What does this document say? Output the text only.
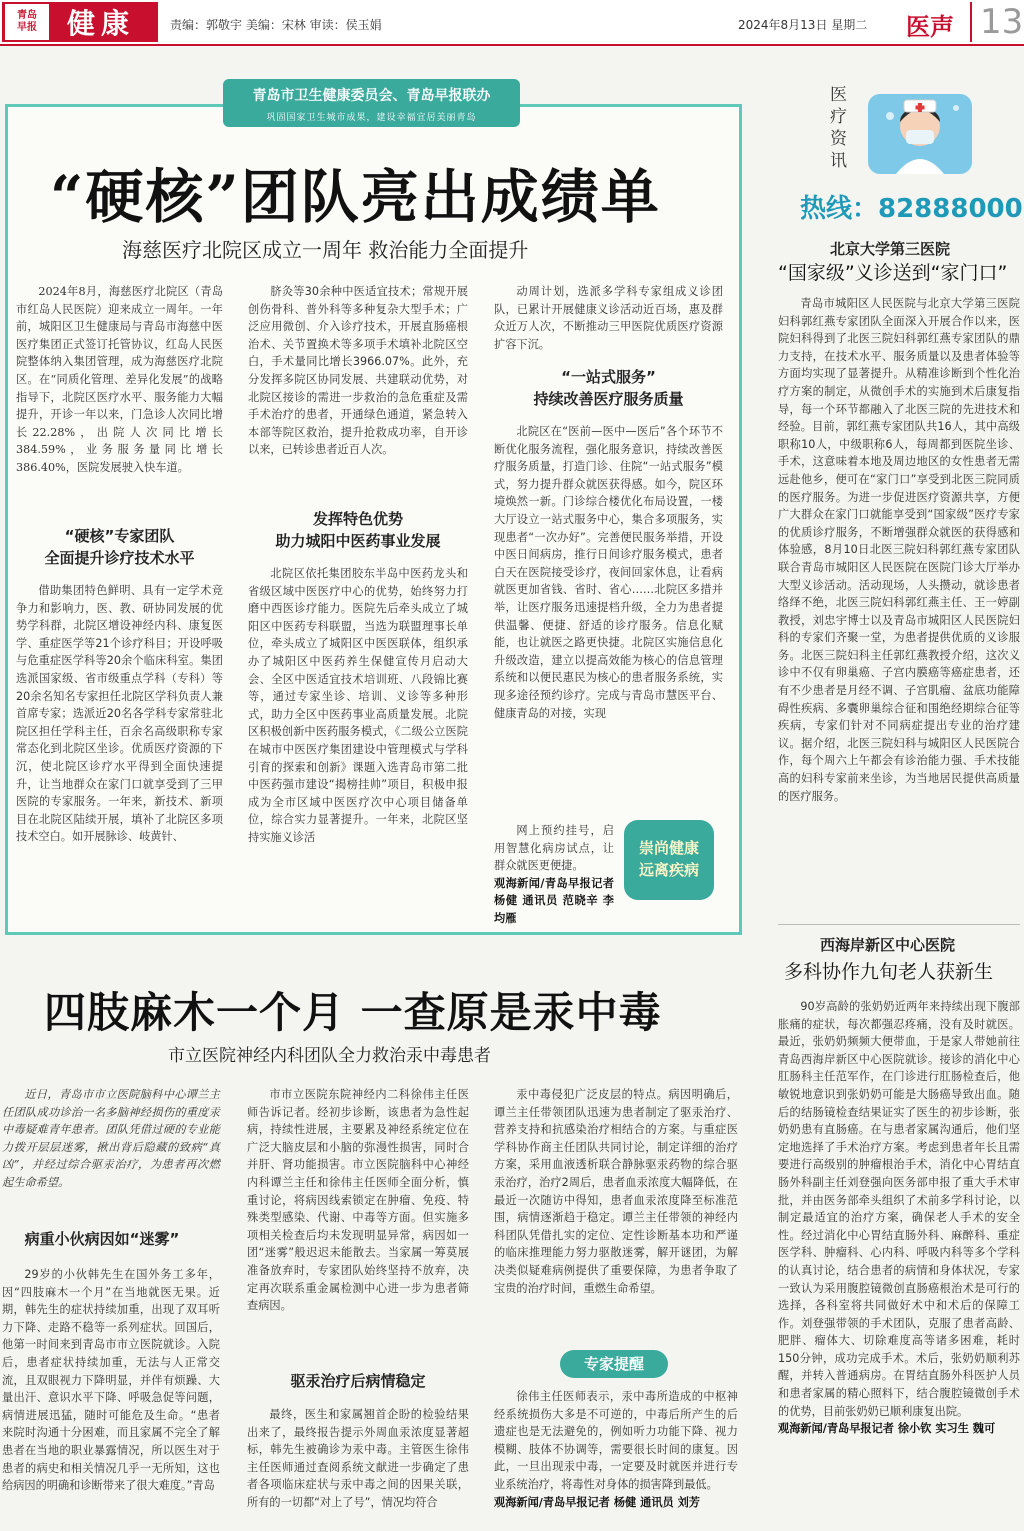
青岛
早报 健康	责编：郭敬宇 美编：宋林 审读：侯玉娟	2024年8月13日 星期二 医声 13
青岛市卫生健康委员会、青岛早报联办
巩固国家卫生城市成果，建设幸福宜居美丽青岛
“硬核”团队亮出成绩单
海慈医疗北院区成立一周年 救治能力全面提升

2024年8月，海慈医疗北院区（青岛市红岛人民医院）迎来成立一周年。一年前，城阳区卫生健康局与青岛市海慈中医医疗集团正式签订托管协议，红岛人民医院整体纳入集团管理，成为海慈医疗北院区。在“同质化管理、差异化发展”的战略指导下，北院区医疗水平、服务能力大幅提升，开诊一年以来，门急诊人次同比增长22.28%，出院人次同比增长384.59%，业务服务量同比增长386.40%，医院发展驶入快车道。

“硬核”专家团队
全面提升诊疗技术水平

借助集团特色鲜明、具有一定学术竞争力和影响力，医、教、研协同发展的优势学科群，北院区增设神经内科、康复医学、重症医学等21个诊疗科目；开设呼吸与危重症医学科等20余个临床科室。集团选派国家级、省市级重点学科（专科）等20余名知名专家担任北院区学科负责人兼首席专家；选派近20名各学科专家常驻北院区担任学科主任，百余名高级职称专家常态化到北院区坐诊。优质医疗资源的下沉，使北院区诊疗水平得到全面快速提升，让当地群众在家门口就享受到了三甲医院的专家服务。一年来，新技术、新项目在北院区陆续开展，填补了北院区多项技术空白。如开展脉诊、岐黄针、

脐灸等30余种中医适宜技术；常规开展创伤骨科、普外科等多种复杂大型手术；广泛应用微创、介入诊疗技术，开展直肠癌根治术、关节置换术等多项手术填补北院区空白，手术量同比增长3966.07%。此外，充分发挥多院区协同发展、共建联动优势，对北院区接诊的需进一步救治的急危重症及需手术治疗的患者，开通绿色通道，紧急转入本部等院区救治，提升抢救成功率，自开诊以来，已转诊患者近百人次。

发挥特色优势
助力城阳中医药事业发展

北院区依托集团胶东半岛中医药龙头和省级区域中医医疗中心的优势，始终努力打磨中西医诊疗能力。医院先后牵头成立了城阳区中医药专科联盟，当选为联盟理事长单位，牵头成立了城阳区中医医联体，组织承办了城阳区中医药养生保健宣传月启动大会、全区中医适宜技术培训班、八段锦比赛等，通过专家坐诊、培训、义诊等多种形式，助力全区中医药事业高质量发展。北院区积极创新中医药服务模式，《二级公立医院在城市中医医疗集团建设中管理模式与学科引育的探索和创新》课题入选青岛市第二批中医药强市建设“揭榜挂帅”项目，积极申报成为全市区域中医医疗次中心项目储备单位，综合实力显著提升。一年来，北院区坚持实施义诊活

动周计划，选派多学科专家组成义诊团队，已累计开展健康义诊活动近百场，惠及群众近万人次，不断推动三甲医院优质医疗资源扩容下沉。

“一站式服务”
持续改善医疗服务质量

北院区在“医前—医中—医后”各个环节不断优化服务流程，强化服务意识，持续改善医疗服务质量，打造门诊、住院“一站式服务”模式，努力提升群众就医获得感。如今，院区环境焕然一新。门诊综合楼优化布局设置，一楼大厅设立一站式服务中心，集合多项服务，实现患者“一次办好”。完善便民服务举措，开设中医日间病房，推行日间诊疗服务模式，患者白天在医院接受诊疗，夜间回家休息，让看病就医更加省钱、省时、省心……北院区多措并举，让医疗服务迅速提档升级，全力为患者提供温馨、便捷、舒适的诊疗服务。信息化赋能，也让就医之路更快捷。北院区实施信息化升级改造，建立以提高效能为核心的信息管理系统和以便民惠民为核心的患者服务系统，实现多途径预约诊疗。完成与青岛市慧医平台、健康青岛的对接，实现

网上预约挂号，启用智慧化病房试点，让群众就医更便捷。

观海新闻/青岛早报记者 杨健 通讯员 范晓辛 李均雁
崇尚健康
远离疾病
医疗资讯
热线：82888000
北京大学第三医院
“国家级”义诊送到“家门口”

青岛市城阳区人民医院与北京大学第三医院妇科郭红燕专家团队全面深入开展合作以来，医院妇科得到了北医三院妇科郭红燕专家团队的鼎力支持，在技术水平、服务质量以及患者体验等方面均实现了显著提升。从精准诊断到个性化治疗方案的制定，从微创手术的实施到术后康复指导，每一个环节都融入了北医三院的先进技术和经验。目前，郭红燕专家团队共16人，其中高级职称10人，中级职称6人，每周都到医院坐诊、手术，这意味着本地及周边地区的女性患者无需远赴他乡，便可在“家门口”享受到北医三院同质的医疗服务。为进一步促进医疗资源共享，方便广大群众在家门口就能享受到“国家级”医疗专家的优质诊疗服务，不断增强群众就医的获得感和体验感，8月10日北医三院妇科郭红燕专家团队联合青岛市城阳区人民医院在医院门诊大厅举办大型义诊活动。活动现场，人头攒动，就诊患者络绎不绝，北医三院妇科郭红燕主任、王一婷副教授，刘忠宇博士以及青岛市城阳区人民医院妇科的专家们齐聚一堂，为患者提供优质的义诊服务。北医三院妇科主任郭红燕教授介绍，这次义诊中不仅有卵巢癌、子宫内膜癌等癌症患者，还有不少患者是月经不调、子宫肌瘤、盆底功能障碍性疾病、多囊卵巢综合征和围绝经期综合征等疾病，专家们针对不同病症提出专业的治疗建议。据介绍，北医三院妇科与城阳区人民医院合作，每个周六上午都会有诊治能力强、手术技能高的妇科专家前来坐诊，为当地居民提供高质量的医疗服务。

西海岸新区中心医院
多科协作九旬老人获新生

90岁高龄的张奶奶近两年来持续出现下腹部胀痛的症状，每次都强忍疼痛，没有及时就医。最近，张奶奶频频大便带血，于是家人带她前往青岛西海岸新区中心医院就诊。接诊的消化中心肛肠科主任范军作，在门诊进行肛肠检查后，他敏锐地意识到张奶奶可能是大肠癌导致出血。随后的结肠镜检查结果证实了医生的初步诊断，张奶奶患有直肠癌。在与患者家属沟通后，他们坚定地选择了手术治疗方案。考虑到患者年长且需要进行高级别的肿瘤根治手术，消化中心胃结直肠外科副主任刘登强向医务部申报了重大手术审批，并由医务部牵头组织了术前多学科讨论，以制定最适宜的治疗方案，确保老人手术的安全性。经过消化中心胃结直肠外科、麻醉科、重症医学科、肿瘤科、心内科、呼吸内科等多个学科的认真讨论，结合患者的病情和身体状况，专家一致认为采用腹腔镜微创直肠癌根治术是可行的选择，各科室将共同做好术中和术后的保障工作。刘登强带领的手术团队，克服了患者高龄、肥胖、瘤体大、切除难度高等诸多困难，耗时150分钟，成功完成手术。术后，张奶奶顺利苏醒，并转入普通病房。在胃结直肠外科医护人员和患者家属的精心照料下，结合腹腔镜微创手术的优势，目前张奶奶已顺利康复出院。

观海新闻/青岛早报记者 徐小钦 实习生 魏可
四肢麻木一个月 一查原是汞中毒
市立医院神经内科团队全力救治汞中毒患者

近日，青岛市市立医院脑科中心谭兰主任团队成功诊治一名多脑神经损伤的重度汞中毒疑难青年患者。团队凭借过硬的专业能力拨开层层迷雾，揪出背后隐藏的致病“真凶”，并经过综合驱汞治疗，为患者再次燃起生命希望。

病重小伙病因如“迷雾”

29岁的小伙韩先生在国外务工多年，因“四肢麻木一个月”在当地就医无果。近期，韩先生的症状持续加重，出现了双耳听力下降、走路不稳等一系列症状。回国后，他第一时间来到青岛市市立医院就诊。入院后，患者症状持续加重，无法与人正常交流，且双眼视力下降明显，并伴有烦躁、大量出汗、意识水平下降、呼吸急促等问题，病情进展迅猛，随时可能危及生命。“患者来院时沟通十分困难，而且家属不完全了解患者在当地的职业暴露情况，所以医生对于患者的病史和相关情况几乎一无所知，这也给病因的明确和诊断带来了很大难度。”青岛

市市立医院东院神经内二科徐伟主任医师告诉记者。经初步诊断，该患者为急性起病，持续性进展，主要累及神经系统定位在广泛大脑皮层和小脑的弥漫性损害，同时合并肝、肾功能损害。市立医院脑科中心神经内科谭兰主任和徐伟主任医师全面分析，慎重讨论，将病因线索锁定在肿瘤、免疫、特殊类型感染、代谢、中毒等方面。但实施多项相关检查后均未发现明显异常，病因如一团“迷雾”般迟迟未能散去。当家属一筹莫展准备放弃时，专家团队始终坚持不放弃，决定再次联系重金属检测中心进一步为患者筛查病因。

驱汞治疗后病情稳定

最终，医生和家属翘首企盼的检验结果出来了，最终报告提示外周血汞浓度显著超标，韩先生被确诊为汞中毒。主管医生徐伟主任医师通过查阅系统文献进一步确定了患者各项临床症状与汞中毒之间的因果关联，所有的一切都“对上了号”，情况均符合

汞中毒侵犯广泛皮层的特点。病因明确后，谭兰主任带领团队迅速为患者制定了驱汞治疗、营养支持和抗感染治疗相结合的方案。与重症医学科协作商主任团队共同讨论，制定详细的治疗方案，采用血液透析联合静脉驱汞药物的综合驱汞治疗，治疗2周后，患者血汞浓度大幅降低，在最近一次随访中得知，患者血汞浓度降至标准范围，病情逐渐趋于稳定。谭兰主任带领的神经内科团队凭借扎实的定位、定性诊断基本功和严谨的临床推理能力努力驱散迷雾，解开谜团，为解决类似疑难病例提供了重要保障，为患者争取了宝贵的治疗时间，重燃生命希望。

专家提醒

徐伟主任医师表示，汞中毒所造成的中枢神经系统损伤大多是不可逆的，中毒后所产生的后遗症也是无法避免的，例如听力功能下降、视力模糊、肢体不协调等，需要很长时间的康复。因此，一旦出现汞中毒，一定要及时就医并进行专业系统治疗，将毒性对身体的损害降到最低。

观海新闻/青岛早报记者 杨健 通讯员 刘芳
